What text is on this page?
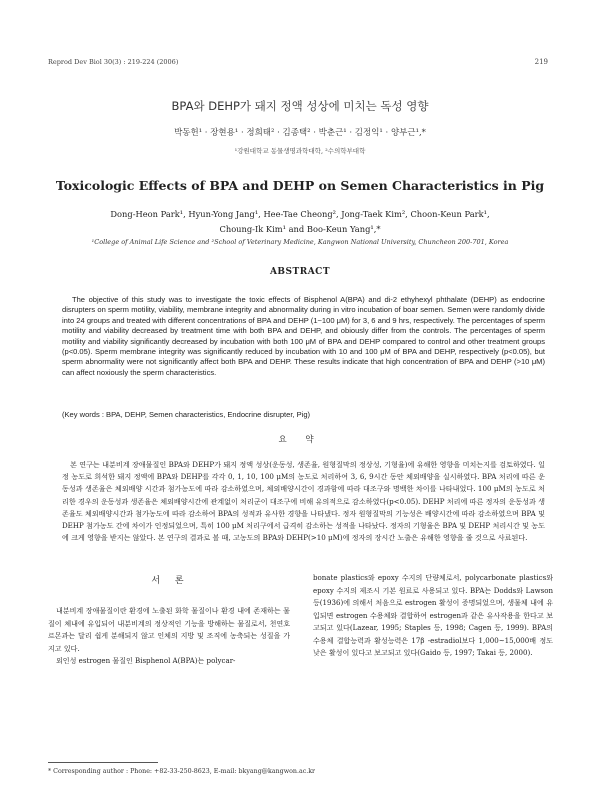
Reprod Dev Biol 30(3) : 219-224 (2006)	219
BPA와 DEHP가 돼지 정액 성상에 미치는 독성 영향
박동헌¹ · 장현용¹ · 정희태² · 김종택² · 박춘근¹ · 김정익¹ · 양부근¹,*
¹강원대학교 동물생명과학대학, ²수의학부대학
Toxicologic Effects of BPA and DEHP on Semen Characteristics in Pig
Dong-Heon Park¹, Hyun-Yong Jang¹, Hee-Tae Cheong², Jong-Taek Kim², Choon-Keun Park¹,
Choung-Ik Kim¹ and Boo-Keun Yang¹,*
¹College of Animal Life Science and ²School of Veterinary Medicine, Kangwon National University, Chuncheon 200-701, Korea
ABSTRACT

The objective of this study was to investigate the toxic effects of Bisphenol A(BPA) and di-2 ethyhexyl phthalate (DEHP) as endocrine disrupters on sperm motility, viability, membrane integrity and abnormality during in vitro incubation of boar semen. Semen were randomly divide into 24 groups and treated with different concentrations of BPA and DEHP (1~100 μM) for 3, 6 and 9 hrs, respectively. The percentages of sperm motility and viability decreased by treatment time with both BPA and DEHP, and obiously differ from the controls. The percentages of sperm motility and viability significantly decreased by incubation with both 100 μM of BPA and DEHP compared to control and other treatment groups (p<0.05). Sperm membrane integrity was significantly reduced by incubation with 10 and 100 μM of BPA and DEHP, respectively (p<0.05), but sperm abnormality were not significantly affect both BPA and DEHP. These results indicate that high concentration of BPA and DEHP (>10 μM) can affect noxiously the sperm characteristics.

(Key words : BPA, DEHP, Semen characteristics, Endocrine disrupter, Pig)
요 약

본 연구는 내분비계 장애물질인 BPA와 DEHP가 돼지 정액 성상(운동성, 생존율, 원형질막의 정상성, 기형율)에 유해한 영향을 미치는지를 검토하였다. 일정 농도로 희석한 돼지 정액에 BPA와 DEHP를 각각 0, 1, 10, 100 μM의 농도로 처리하여 3, 6, 9시간 동안 체외배양을 실시하였다. BPA 처리에 따른 운동성과 생존율은 체외배양 시간과 첨가농도에 따라 감소하였으며, 체외배양시간이 경과함에 따라 대조구와 명백한 차이를 나타내었다. 100 μM의 농도로 처리한 경우의 운동성과 생존율은 체외배양시간에 관계없이 처리군이 대조구에 비해 유의적으로 감소하였다(p<0.05). DEHP 처리에 따른 정자의 운동성과 생존율도 체외배양시간과 첨가농도에 따라 감소하여 BPA의 성적과 유사한 경향을 나타냈다. 정자 원형질막의 기능성은 배양시간에 따라 감소하였으며 BPA 및 DEHP 첨가농도 간에 차이가 인정되었으며, 특히 100 μM 처리구에서 급격히 감소하는 성적을 나타났다. 정자의 기형율은 BPA 및 DEHP 처리시간 및 농도에 크게 영향을 받지는 않았다. 본 연구의 결과로 볼 때, 고농도의 BPA와 DEHP(>10 μM)에 정자의 장시간 노출은 유해한 영향을 줄 것으로 사료된다.

서 론

내분비계 장애물질이란 환경에 노출된 화학 물질이나 환경 내에 존재하는 물질이 체내에 유입되어 내분비계의 정상적인 기능을 방해하는 물질로서, 천연호르몬과는 달리 쉽게 분해되지 않고 인체의 지방 및 조직에 농축되는 성질을 가지고 있다.

외인성 estrogen 물질인 Bisphenol A(BPA)는 polycar-

bonate plastics와 epoxy 수지의 단량체로서, polycarbonate plastics와 epoxy 수지의 제조시 기본 원료로 사용되고 있다. BPA는 Dodds와 Lawson 등(1936)에 의해서 처음으로 estrogen 활성이 증명되었으며, 생물체 내에 유입되면 estrogen 수용체와 결합하여 estrogen과 같은 유사작용을 한다고 보고되고 있다(Lazear, 1995; Staples 등, 1998; Cagen 등, 1999). BPA의 수용체 결합능력과 활성능력은 17β -estradiol보다 1,000~15,000배 정도 낮은 활성이 있다고 보고되고 있다(Gaido 등, 1997; Takai 등, 2000).

* Corresponding author : Phone: +82-33-250-8623, E-mail: bkyang@kangwon.ac.kr
